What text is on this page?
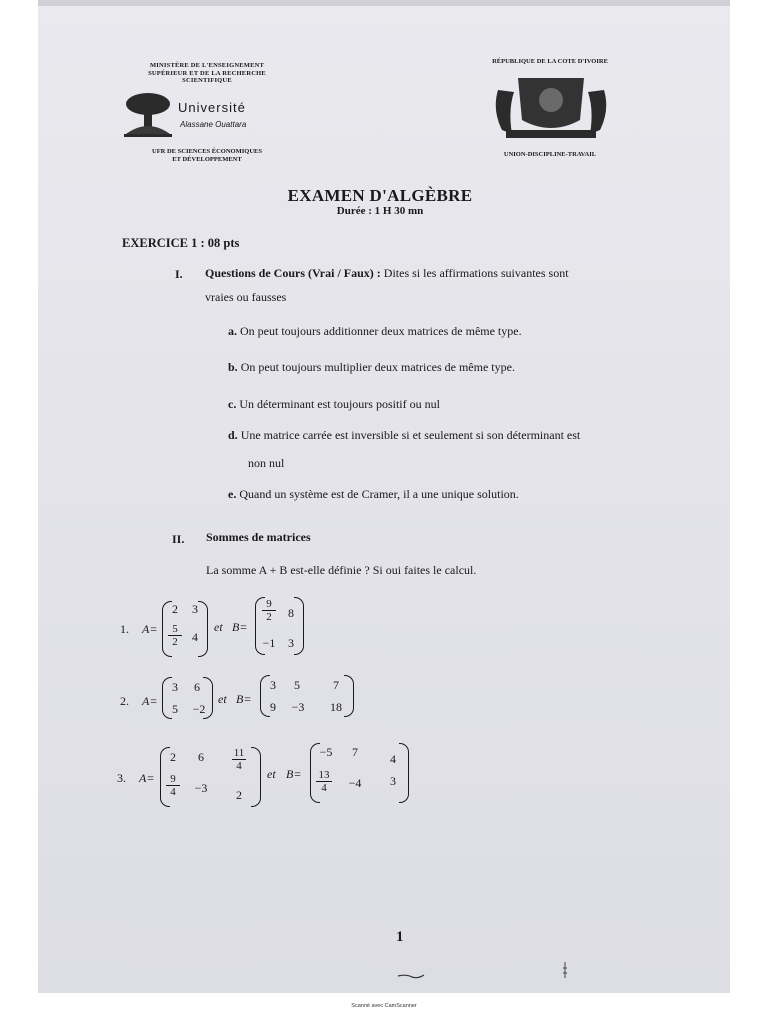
MINISTÈRE DE L'ENSEIGNEMENT
SUPÉRIEUR ET DE LA RECHERCHE
SCIENTIFIQUE
Université
Alassane Ouattara
UFR DE SCIENCES ÉCONOMIQUES
ET DÉVELOPPEMENT
RÉPUBLIQUE DE LA COTE D'IVOIRE
UNION-DISCIPLINE-TRAVAIL
EXAMEN D'ALGÈBRE
Durée : 1 H 30 mn
EXERCICE 1 : 08 pts
I. Questions de Cours (Vrai / Faux) : Dites si les affirmations suivantes sont
vraies ou fausses
a. On peut toujours additionner deux matrices de même type.
b. On peut toujours multiplier deux matrices de même type.
c. Un déterminant est toujours positif ou nul
d. Une matrice carrée est inversible si et seulement si son déterminant est
non nul
e. Quand un système est de Cramer, il a une unique solution.
II. Sommes de matrices
La somme A + B est-elle définie ? Si oui faites le calcul.
1. A=
2	3
$\frac{5}{2} 4$
et B=
$\frac{9}{2}$	8
−1	3
2. A=
3	6
5	−2
et B=
3	5	7
9	−3	18
3. A=
2	6	$\frac{11}{4}$
$\frac{9}{4}$	−3	2
et B=
−5	7	4
$\frac{13}{4}$	−4	3
1
Scanné avec CamScanner
